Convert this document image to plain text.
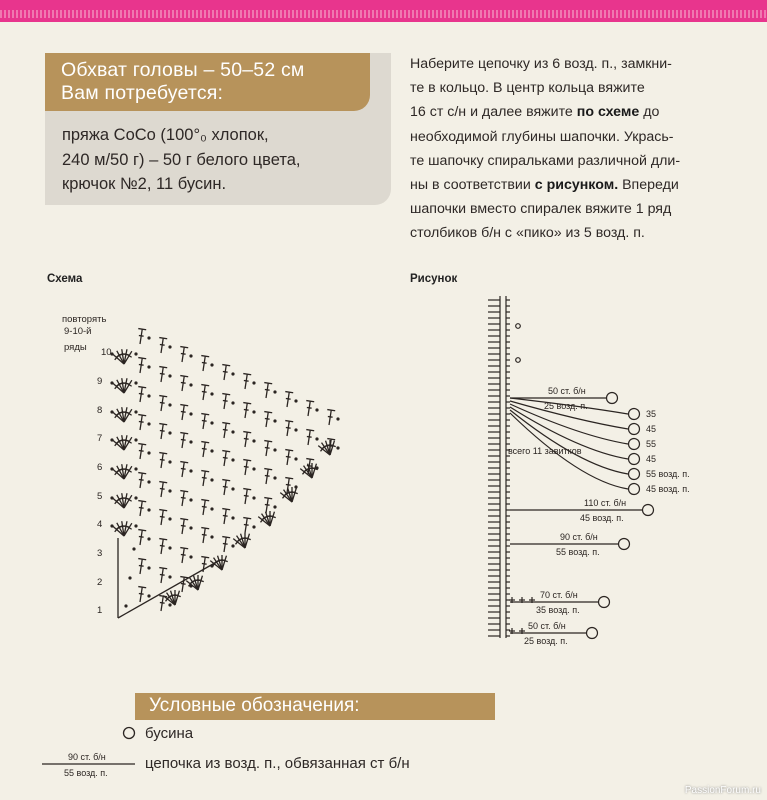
Обхват головы – 50–52 см
Вам потребуется:
пряжа CoCo (100°₀ хлопок,
240 м/50 г) – 50 г белого цвета,
крючок №2, 11 бусин.
Наберите цепочку из 6 возд. п., замкни-
те в кольцо. В центр кольца вяжите
16 ст с/н и далее вяжите по схеме до
необходимой глубины шапочки. Укрась-
те шапочку спиральками различной дли-
ны в соответствии с рисунком. Впереди
шапочки вместо спиралек вяжите 1 ряд
столбиков б/н с «пико» из 5 возд. п.
Схема	Рисунок
повторять
9-10-й
ряды
1
2
3
4
5
6
7
8
9
10
50 ст. б/н
25 возд. п.
110 ст. б/н
45 возд. п.
90 ст. б/н
55 возд. п.
70 ст. б/н
35 возд. п.
50 ст. б/н
25 возд. п.
35
45
55
45
55 возд. п.
45 возд. п.
всего 11 завитков
90 ст. б/н
55 возд. п.
Условные обозначения:
бусина
цепочка из возд. п., обвязанная ст б/н
PassionForum.ru
